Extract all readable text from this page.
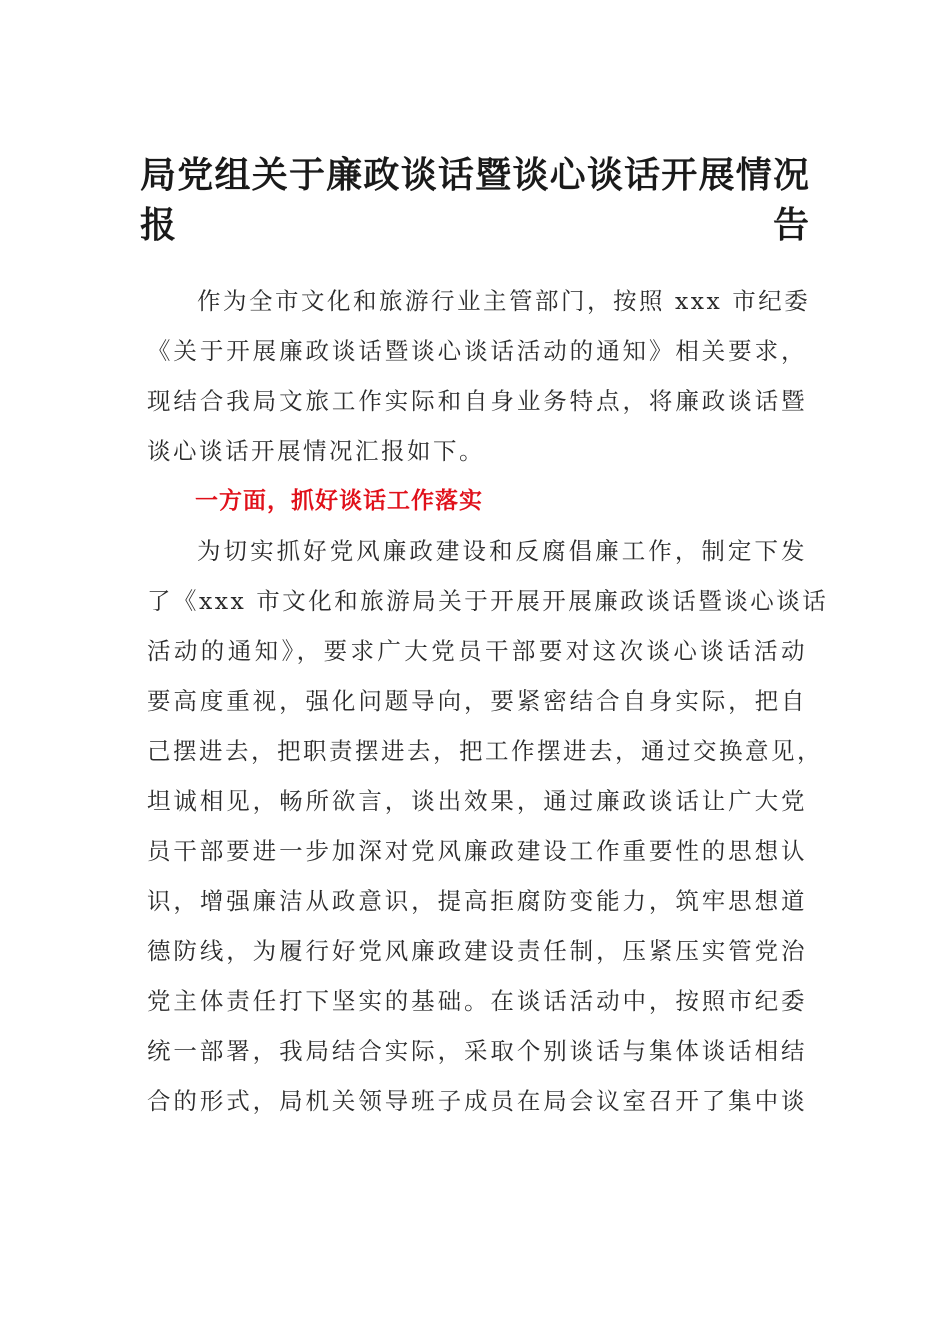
局党组关于廉政谈话暨谈心谈话开展情况
报告
作为全市文化和旅游行业主管部门，按照 xxx 市纪委
《关于开展廉政谈话暨谈心谈话活动的通知》相关要求，
现结合我局文旅工作实际和自身业务特点，将廉政谈话暨
谈心谈话开展情况汇报如下。
一方面，抓好谈话工作落实
为切实抓好党风廉政建设和反腐倡廉工作，制定下发
了《xxx 市文化和旅游局关于开展开展廉政谈话暨谈心谈话
活动的通知》，要求广大党员干部要对这次谈心谈话活动
要高度重视，强化问题导向，要紧密结合自身实际，把自
己摆进去，把职责摆进去，把工作摆进去，通过交换意见，
坦诚相见，畅所欲言，谈出效果，通过廉政谈话让广大党
员干部要进一步加深对党风廉政建设工作重要性的思想认
识，增强廉洁从政意识，提高拒腐防变能力，筑牢思想道
德防线，为履行好党风廉政建设责任制，压紧压实管党治
党主体责任打下坚实的基础。在谈话活动中，按照市纪委
统一部署，我局结合实际，采取个别谈话与集体谈话相结
合的形式，局机关领导班子成员在局会议室召开了集中谈
